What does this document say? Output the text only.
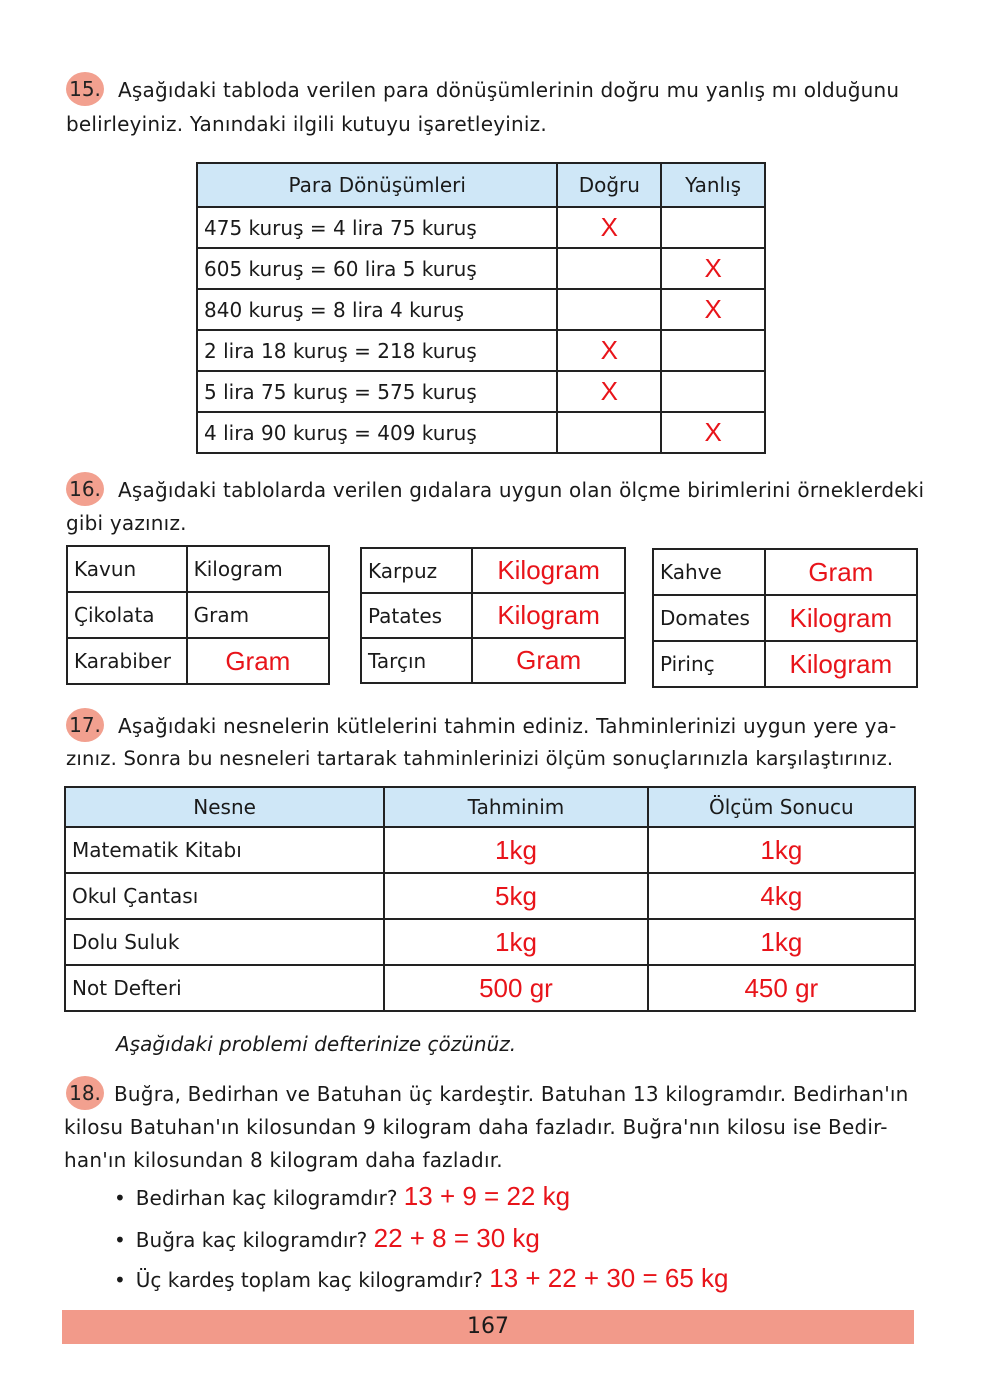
15. Aşağıdaki tabloda verilen para dönüşümlerinin doğru mu yanlış mı olduğunu
belirleyiniz. Yanındaki ilgili kutuyu işaretleyiniz.
Para Dönüşümleri	Doğru	Yanlış
475 kuruş = 4 lira 75 kuruş	X	
605 kuruş = 60 lira 5 kuruş		X
840 kuruş = 8 lira 4 kuruş		X
2 lira 18 kuruş = 218 kuruş	X	
5 lira 75 kuruş = 575 kuruş	X	
4 lira 90 kuruş = 409 kuruş		X
16. Aşağıdaki tablolarda verilen gıdalara uygun olan ölçme birimlerini örneklerdeki
gibi yazınız.
Kavun	Kilogram
Çikolata	Gram
Karabiber	Gram
Karpuz	Kilogram
Patates	Kilogram
Tarçın	Gram
Kahve	Gram
Domates	Kilogram
Pirinç	Kilogram
17. Aşağıdaki nesnelerin kütlelerini tahmin ediniz. Tahminlerinizi uygun yere ya-
zınız. Sonra bu nesneleri tartarak tahminlerinizi ölçüm sonuçlarınızla karşılaştırınız.
Nesne	Tahminim	Ölçüm Sonucu
Matematik Kitabı	1kg	1kg
Okul Çantası	5kg	4kg
Dolu Suluk	1kg	1kg
Not Defteri	500 gr	450 gr
Aşağıdaki problemi defterinize çözünüz.
18. Buğra, Bedirhan ve Batuhan üç kardeştir. Batuhan 13 kilogramdır. Bedirhan'ın
kilosu Batuhan'ın kilosundan 9 kilogram daha fazladır. Buğra'nın kilosu ise Bedir-
han'ın kilosundan 8 kilogram daha fazladır.
• Bedirhan kaç kilogramdır? 13 + 9 = 22 kg
• Buğra kaç kilogramdır? 22 + 8 = 30 kg
• Üç kardeş toplam kaç kilogramdır? 13 + 22 + 30 = 65 kg
167
